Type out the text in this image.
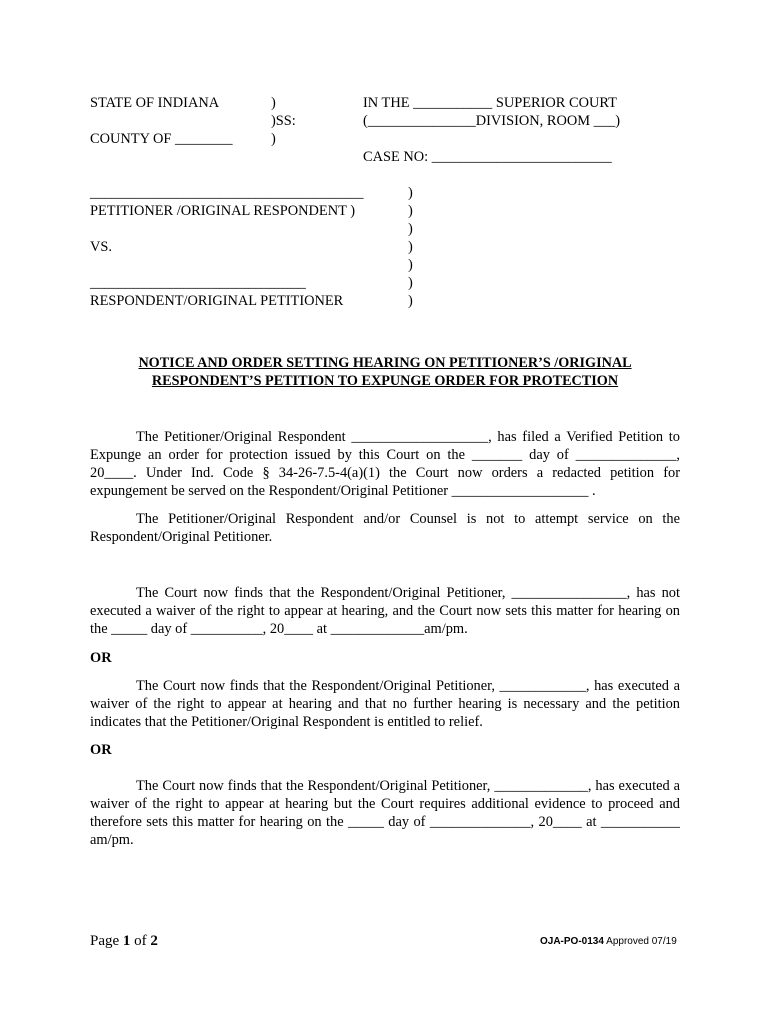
STATE OF INDIANA
COUNTY OF ________
)
)SS:
)
IN THE ___________ SUPERIOR COURT
(_______________DIVISION, ROOM ___)
CASE NO: _________________________
______________________________________
PETITIONER /ORIGINAL RESPONDENT )
VS.
______________________________
RESPONDENT/ORIGINAL PETITIONER
)
)
)
)
)
)
)
NOTICE AND ORDER SETTING HEARING ON PETITIONER’S /ORIGINAL
RESPONDENT’S PETITION TO EXPUNGE ORDER FOR PROTECTION
The Petitioner/Original Respondent ___________________, has filed a Verified Petition to Expunge an order for protection issued by this Court on the _______ day of ______________, 20____. Under Ind. Code § 34-26-7.5-4(a)(1) the Court now orders a redacted petition for expungement be served on the Respondent/Original Petitioner ___________________ .
The Petitioner/Original Respondent and/or Counsel is not to attempt service on the Respondent/Original Petitioner.
The Court now finds that the Respondent/Original Petitioner, ________________, has not executed a waiver of the right to appear at hearing, and the Court now sets this matter for hearing on the _____ day of __________, 20____ at _____________am/pm.
OR
The Court now finds that the Respondent/Original Petitioner, ____________, has executed a waiver of the right to appear at hearing and that no further hearing is necessary and the petition indicates that the Petitioner/Original Respondent is entitled to relief.
OR
The Court now finds that the Respondent/Original Petitioner, _____________, has executed a waiver of the right to appear at hearing but the Court requires additional evidence to proceed and therefore sets this matter for hearing on the _____ day of ______________, 20____ at ___________ am/pm.
Page 1 of 2	OJA-PO-0134 Approved 07/19
